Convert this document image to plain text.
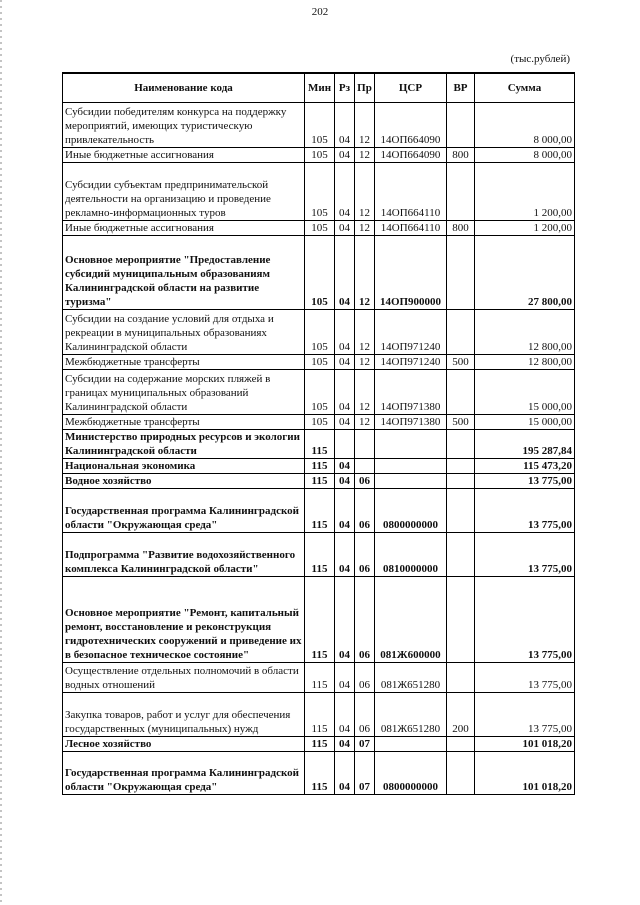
202
(тыс.рублей)
Наименование кода	Мин	Рз	Пр	ЦСР	ВР	Сумма
Субсидии победителям конкурса на поддержку мероприятий, имеющих туристическую привлекательность	105	04	12	14ОП664090		8 000,00
Иные бюджетные ассигнования	105	04	12	14ОП664090	800	8 000,00
Субсидии субъектам предпринимательской деятельности на организацию и проведение рекламно-информационных туров	105	04	12	14ОП664110		1 200,00
Иные бюджетные ассигнования	105	04	12	14ОП664110	800	1 200,00
Основное мероприятие "Предоставление субсидий муниципальным образованиям Калининградской области на развитие туризма"	105	04	12	14ОП900000		27 800,00
Субсидии на создание условий для отдыха и рекреации в муниципальных образованиях Калининградской области	105	04	12	14ОП971240		12 800,00
Межбюджетные трансферты	105	04	12	14ОП971240	500	12 800,00
Субсидии на содержание морских пляжей в границах муниципальных образований Калининградской области	105	04	12	14ОП971380		15 000,00
Межбюджетные трансферты	105	04	12	14ОП971380	500	15 000,00
Министерство природных ресурсов и экологии Калининградской области	115					195 287,84
Национальная экономика	115	04				115 473,20
Водное хозяйство	115	04	06			13 775,00
Государственная программа Калининградской области "Окружающая среда"	115	04	06	0800000000		13 775,00
Подпрограмма "Развитие водохозяйственного комплекса Калининградской области"	115	04	06	0810000000		13 775,00
Основное мероприятие "Ремонт, капитальный ремонт, восстановление и реконструкция гидротехнических сооружений и приведение их в безопасное техническое состояние"	115	04	06	081Ж600000		13 775,00
Осуществление отдельных полномочий в области водных отношений	115	04	06	081Ж651280		13 775,00
Закупка товаров, работ и услуг для обеспечения государственных (муниципальных) нужд	115	04	06	081Ж651280	200	13 775,00
Лесное хозяйство	115	04	07			101 018,20
Государственная программа Калининградской области "Окружающая среда"	115	04	07	0800000000		101 018,20
